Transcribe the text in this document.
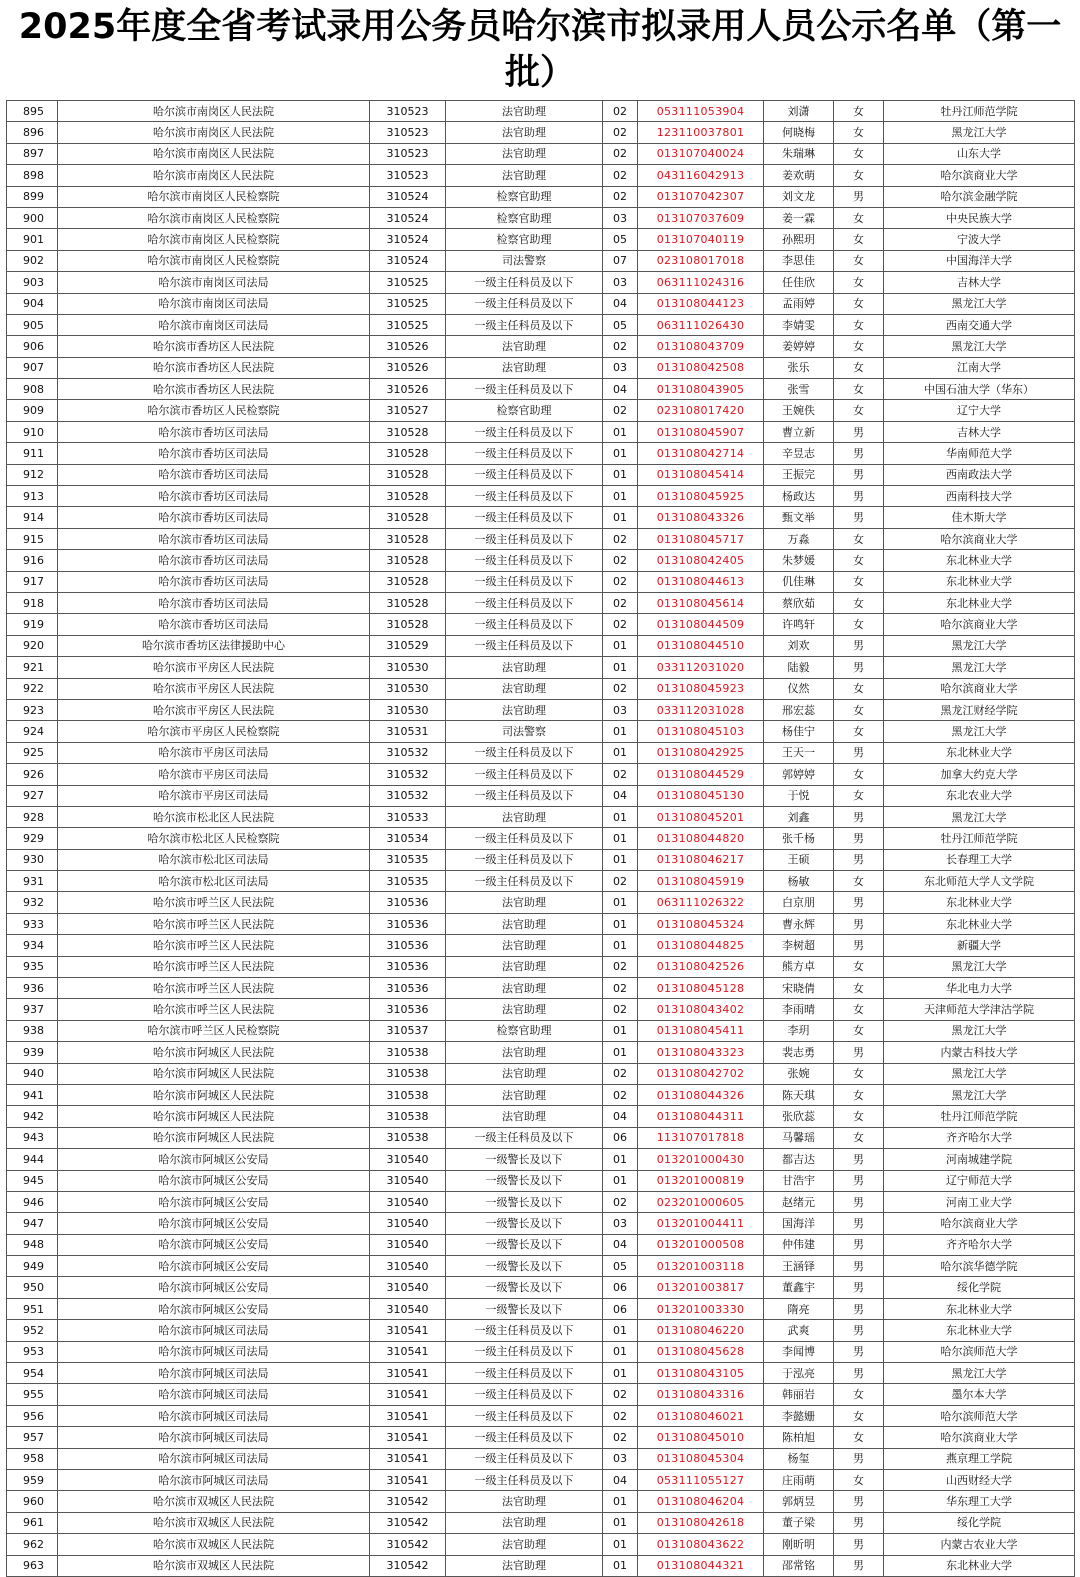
2025年度全省考试录用公务员哈尔滨市拟录用人员公示名单（第一批）
895	哈尔滨市南岗区人民法院	310523	法官助理	02	053111053904	刘潇	女	牡丹江师范学院
896	哈尔滨市南岗区人民法院	310523	法官助理	02	123110037801	何晓梅	女	黑龙江大学
897	哈尔滨市南岗区人民法院	310523	法官助理	02	013107040024	朱瑞琳	女	山东大学
898	哈尔滨市南岗区人民法院	310523	法官助理	02	043116042913	姜欢萌	女	哈尔滨商业大学
899	哈尔滨市南岗区人民检察院	310524	检察官助理	02	013107042307	刘文龙	男	哈尔滨金融学院
900	哈尔滨市南岗区人民检察院	310524	检察官助理	03	013107037609	姜一霖	女	中央民族大学
901	哈尔滨市南岗区人民检察院	310524	检察官助理	05	013107040119	孙熙玥	女	宁波大学
902	哈尔滨市南岗区人民检察院	310524	司法警察	07	023108017018	李思佳	女	中国海洋大学
903	哈尔滨市南岗区司法局	310525	一级主任科员及以下	03	063111024316	任佳欣	女	吉林大学
904	哈尔滨市南岗区司法局	310525	一级主任科员及以下	04	013108044123	孟雨婷	女	黑龙江大学
905	哈尔滨市南岗区司法局	310525	一级主任科员及以下	05	063111026430	李婧雯	女	西南交通大学
906	哈尔滨市香坊区人民法院	310526	法官助理	02	013108043709	姜婷婷	女	黑龙江大学
907	哈尔滨市香坊区人民法院	310526	法官助理	03	013108042508	张乐	女	江南大学
908	哈尔滨市香坊区人民法院	310526	一级主任科员及以下	04	013108043905	张雪	女	中国石油大学（华东）
909	哈尔滨市香坊区人民检察院	310527	检察官助理	02	023108017420	王婉佚	女	辽宁大学
910	哈尔滨市香坊区司法局	310528	一级主任科员及以下	01	013108045907	曹立新	男	吉林大学
911	哈尔滨市香坊区司法局	310528	一级主任科员及以下	01	013108042714	辛昱志	男	华南师范大学
912	哈尔滨市香坊区司法局	310528	一级主任科员及以下	01	013108045414	王振完	男	西南政法大学
913	哈尔滨市香坊区司法局	310528	一级主任科员及以下	01	013108045925	杨政达	男	西南科技大学
914	哈尔滨市香坊区司法局	310528	一级主任科员及以下	01	013108043326	甄文举	男	佳木斯大学
915	哈尔滨市香坊区司法局	310528	一级主任科员及以下	02	013108045717	万淼	女	哈尔滨商业大学
916	哈尔滨市香坊区司法局	310528	一级主任科员及以下	02	013108042405	朱梦媛	女	东北林业大学
917	哈尔滨市香坊区司法局	310528	一级主任科员及以下	02	013108044613	仉佳琳	女	东北林业大学
918	哈尔滨市香坊区司法局	310528	一级主任科员及以下	02	013108045614	蔡欣茹	女	东北林业大学
919	哈尔滨市香坊区司法局	310528	一级主任科员及以下	02	013108044509	许鸣轩	女	哈尔滨商业大学
920	哈尔滨市香坊区法律援助中心	310529	一级主任科员及以下	01	013108044510	刘欢	男	黑龙江大学
921	哈尔滨市平房区人民法院	310530	法官助理	01	033112031020	陆毅	男	黑龙江大学
922	哈尔滨市平房区人民法院	310530	法官助理	02	013108045923	仪然	女	哈尔滨商业大学
923	哈尔滨市平房区人民法院	310530	法官助理	03	033112031028	邢宏蕊	女	黑龙江财经学院
924	哈尔滨市平房区人民检察院	310531	司法警察	01	013108045103	杨佳宁	女	黑龙江大学
925	哈尔滨市平房区司法局	310532	一级主任科员及以下	01	013108042925	王天一	男	东北林业大学
926	哈尔滨市平房区司法局	310532	一级主任科员及以下	02	013108044529	郭婷婷	女	加拿大约克大学
927	哈尔滨市平房区司法局	310532	一级主任科员及以下	04	013108045130	于悦	女	东北农业大学
928	哈尔滨市松北区人民法院	310533	法官助理	01	013108045201	刘鑫	男	黑龙江大学
929	哈尔滨市松北区人民检察院	310534	一级主任科员及以下	01	013108044820	张千杨	男	牡丹江师范学院
930	哈尔滨市松北区司法局	310535	一级主任科员及以下	01	013108046217	王硕	男	长春理工大学
931	哈尔滨市松北区司法局	310535	一级主任科员及以下	02	013108045919	杨敏	女	东北师范大学人文学院
932	哈尔滨市呼兰区人民法院	310536	法官助理	01	063111026322	白京朋	男	东北林业大学
933	哈尔滨市呼兰区人民法院	310536	法官助理	01	013108045324	曹永辉	男	东北林业大学
934	哈尔滨市呼兰区人民法院	310536	法官助理	01	013108044825	李树超	男	新疆大学
935	哈尔滨市呼兰区人民法院	310536	法官助理	02	013108042526	熊方卓	女	黑龙江大学
936	哈尔滨市呼兰区人民法院	310536	法官助理	02	013108045128	宋晓倩	女	华北电力大学
937	哈尔滨市呼兰区人民法院	310536	法官助理	02	013108043402	李雨晴	女	天津师范大学津沽学院
938	哈尔滨市呼兰区人民检察院	310537	检察官助理	01	013108045411	李玥	女	黑龙江大学
939	哈尔滨市阿城区人民法院	310538	法官助理	01	013108043323	裴志勇	男	内蒙古科技大学
940	哈尔滨市阿城区人民法院	310538	法官助理	02	013108042702	张婉	女	黑龙江大学
941	哈尔滨市阿城区人民法院	310538	法官助理	02	013108044326	陈天琪	女	黑龙江大学
942	哈尔滨市阿城区人民法院	310538	法官助理	04	013108044311	张欣蕊	女	牡丹江师范学院
943	哈尔滨市阿城区人民法院	310538	一级主任科员及以下	06	113107017818	马馨瑶	女	齐齐哈尔大学
944	哈尔滨市阿城区公安局	310540	一级警长及以下	01	013201000430	都吉达	男	河南城建学院
945	哈尔滨市阿城区公安局	310540	一级警长及以下	01	013201000819	甘浩宇	男	辽宁师范大学
946	哈尔滨市阿城区公安局	310540	一级警长及以下	02	023201000605	赵绪元	男	河南工业大学
947	哈尔滨市阿城区公安局	310540	一级警长及以下	03	013201004411	国海洋	男	哈尔滨商业大学
948	哈尔滨市阿城区公安局	310540	一级警长及以下	04	013201000508	仲伟建	男	齐齐哈尔大学
949	哈尔滨市阿城区公安局	310540	一级警长及以下	05	013201003118	王涵铎	男	哈尔滨华德学院
950	哈尔滨市阿城区公安局	310540	一级警长及以下	06	013201003817	董鑫宇	男	绥化学院
951	哈尔滨市阿城区公安局	310540	一级警长及以下	06	013201003330	隋亮	男	东北林业大学
952	哈尔滨市阿城区司法局	310541	一级主任科员及以下	01	013108046220	武爽	男	东北林业大学
953	哈尔滨市阿城区司法局	310541	一级主任科员及以下	01	013108045628	李闻博	男	哈尔滨师范大学
954	哈尔滨市阿城区司法局	310541	一级主任科员及以下	01	013108043105	于泓亮	男	黑龙江大学
955	哈尔滨市阿城区司法局	310541	一级主任科员及以下	02	013108043316	韩丽岩	女	墨尔本大学
956	哈尔滨市阿城区司法局	310541	一级主任科员及以下	02	013108046021	李懿姗	女	哈尔滨师范大学
957	哈尔滨市阿城区司法局	310541	一级主任科员及以下	02	013108045010	陈柏旭	女	哈尔滨商业大学
958	哈尔滨市阿城区司法局	310541	一级主任科员及以下	03	013108045304	杨玺	男	燕京理工学院
959	哈尔滨市阿城区司法局	310541	一级主任科员及以下	04	053111055127	庄雨萌	女	山西财经大学
960	哈尔滨市双城区人民法院	310542	法官助理	01	013108046204	郭炳昱	男	华东理工大学
961	哈尔滨市双城区人民法院	310542	法官助理	01	013108042618	董子梁	男	绥化学院
962	哈尔滨市双城区人民法院	310542	法官助理	01	013108043622	刚昕明	男	内蒙古农业大学
963	哈尔滨市双城区人民法院	310542	法官助理	01	013108044321	邵常铭	男	东北林业大学
